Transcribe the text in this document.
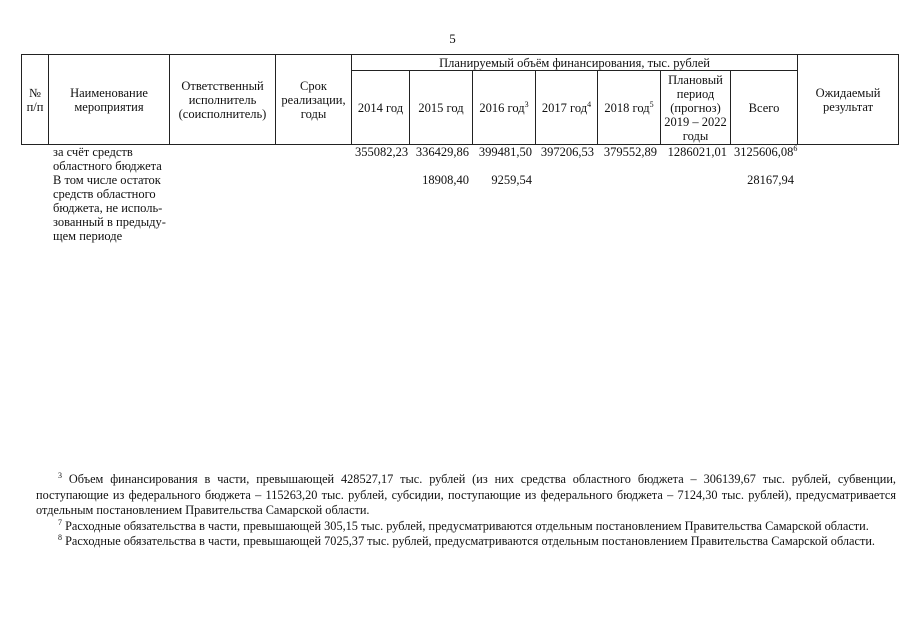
5
№ п/п	Наименование мероприятия	Ответственный исполнитель (соисполнитель)	Срок реализации, годы	Планируемый объём финансирования, тыс. рублей							Ожидаемый результат
				2014 год	2015 год	2016 год$^3$	2017 год$^4$	2018 год$^5$	Плановый период (прогноз) 2019 – 2022 годы	Всего	
	за счёт средств областного бюджета			355082,23	336429,86	399481,50	397206,53	379552,89	1286021,01	3125606,08$^6$	
	В том числе остаток средств областного бюджета, не исполь-зованный в предыду-щем периоде				18908,40	9259,54				28167,94	

$^3$ Объем финансирования в части, превышающей 428527,17 тыс. рублей (из них средства областного бюджета – 306139,67 тыс. рублей, субвенции, поступающие из федерального бюджета – 115263,20 тыс. рублей, субсидии, поступающие из федерального бюджета – 7124,30 тыс. рублей), предусматривается отдельным постановлением Правительства Самарской области.

$^7$ Расходные обязательства в части, превышающей 305,15 тыс. рублей, предусматриваются отдельным постановлением Правительства Самарской области.

$^8$ Расходные обязательства в части, превышающей 7025,37 тыс. рублей, предусматриваются отдельным постановлением Правительства Самарской области.
